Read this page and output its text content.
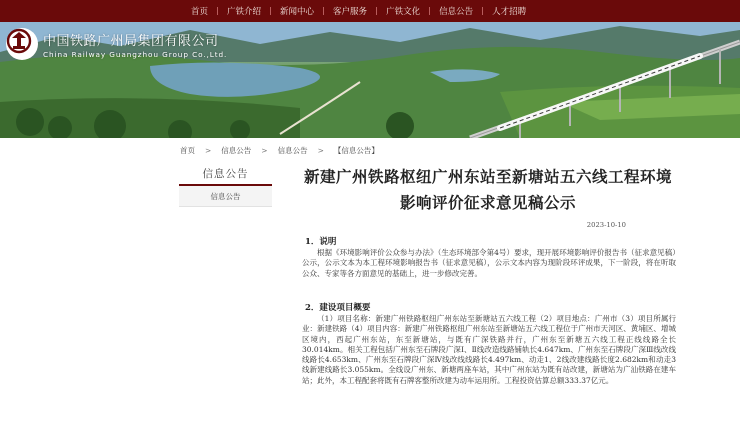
首页	广铁介绍	新闻中心	客户服务	广铁文化	信息公告	人才招聘
中国铁路广州局集团有限公司
China Railway Guangzhou Group Co.,Ltd.
首页 > 信息公告 > 信息公告 > 【信息公告】
信息公告
信息公告
新建广州铁路枢纽广州东站至新塘站五六线工程环境影响评价征求意见稿公示
2023-10-10
1．说明
根据《环境影响评价公众参与办法》（生态环境部令第4号）要求，现开展环境影响评价报告书（征求意见稿）公示，公示文本为本工程环境影响报告书（征求意见稿），公示文本内容为现阶段环评成果，下一阶段，将在听取公众、专家等各方面意见的基础上，进一步修改完善。
2．建设项目概要
（1）项目名称：新建广州铁路枢纽广州东站至新塘站五六线工程（2）项目地点：广州市（3）项目所属行业：新建铁路（4）项目内容：新建广州铁路枢纽广州东站至新塘站五六线工程位于广州市天河区、黄埔区、增城区境内，西起广州东站，东至新塘站，与既有广深铁路并行，广州东至新塘五六线工程正线线路全长30.014km。相关工程包括广州东至石牌段广深Ⅰ、Ⅱ线改造线路铺轨长4.647km、广州东至石牌段广深Ⅲ线改线线路长4.653km、广州东至石牌段广深Ⅳ线改线线路长4.497km、动走1、2线改建线路长度2.682km和动走3线新建线路长3.055km。全线设广州东、新塘两座车站，其中广州东站为既有站改建，新塘站为广汕铁路在建车站；此外，本工程配套将既有石牌客整所改建为动车运用所。工程投资估算总额333.37亿元。
